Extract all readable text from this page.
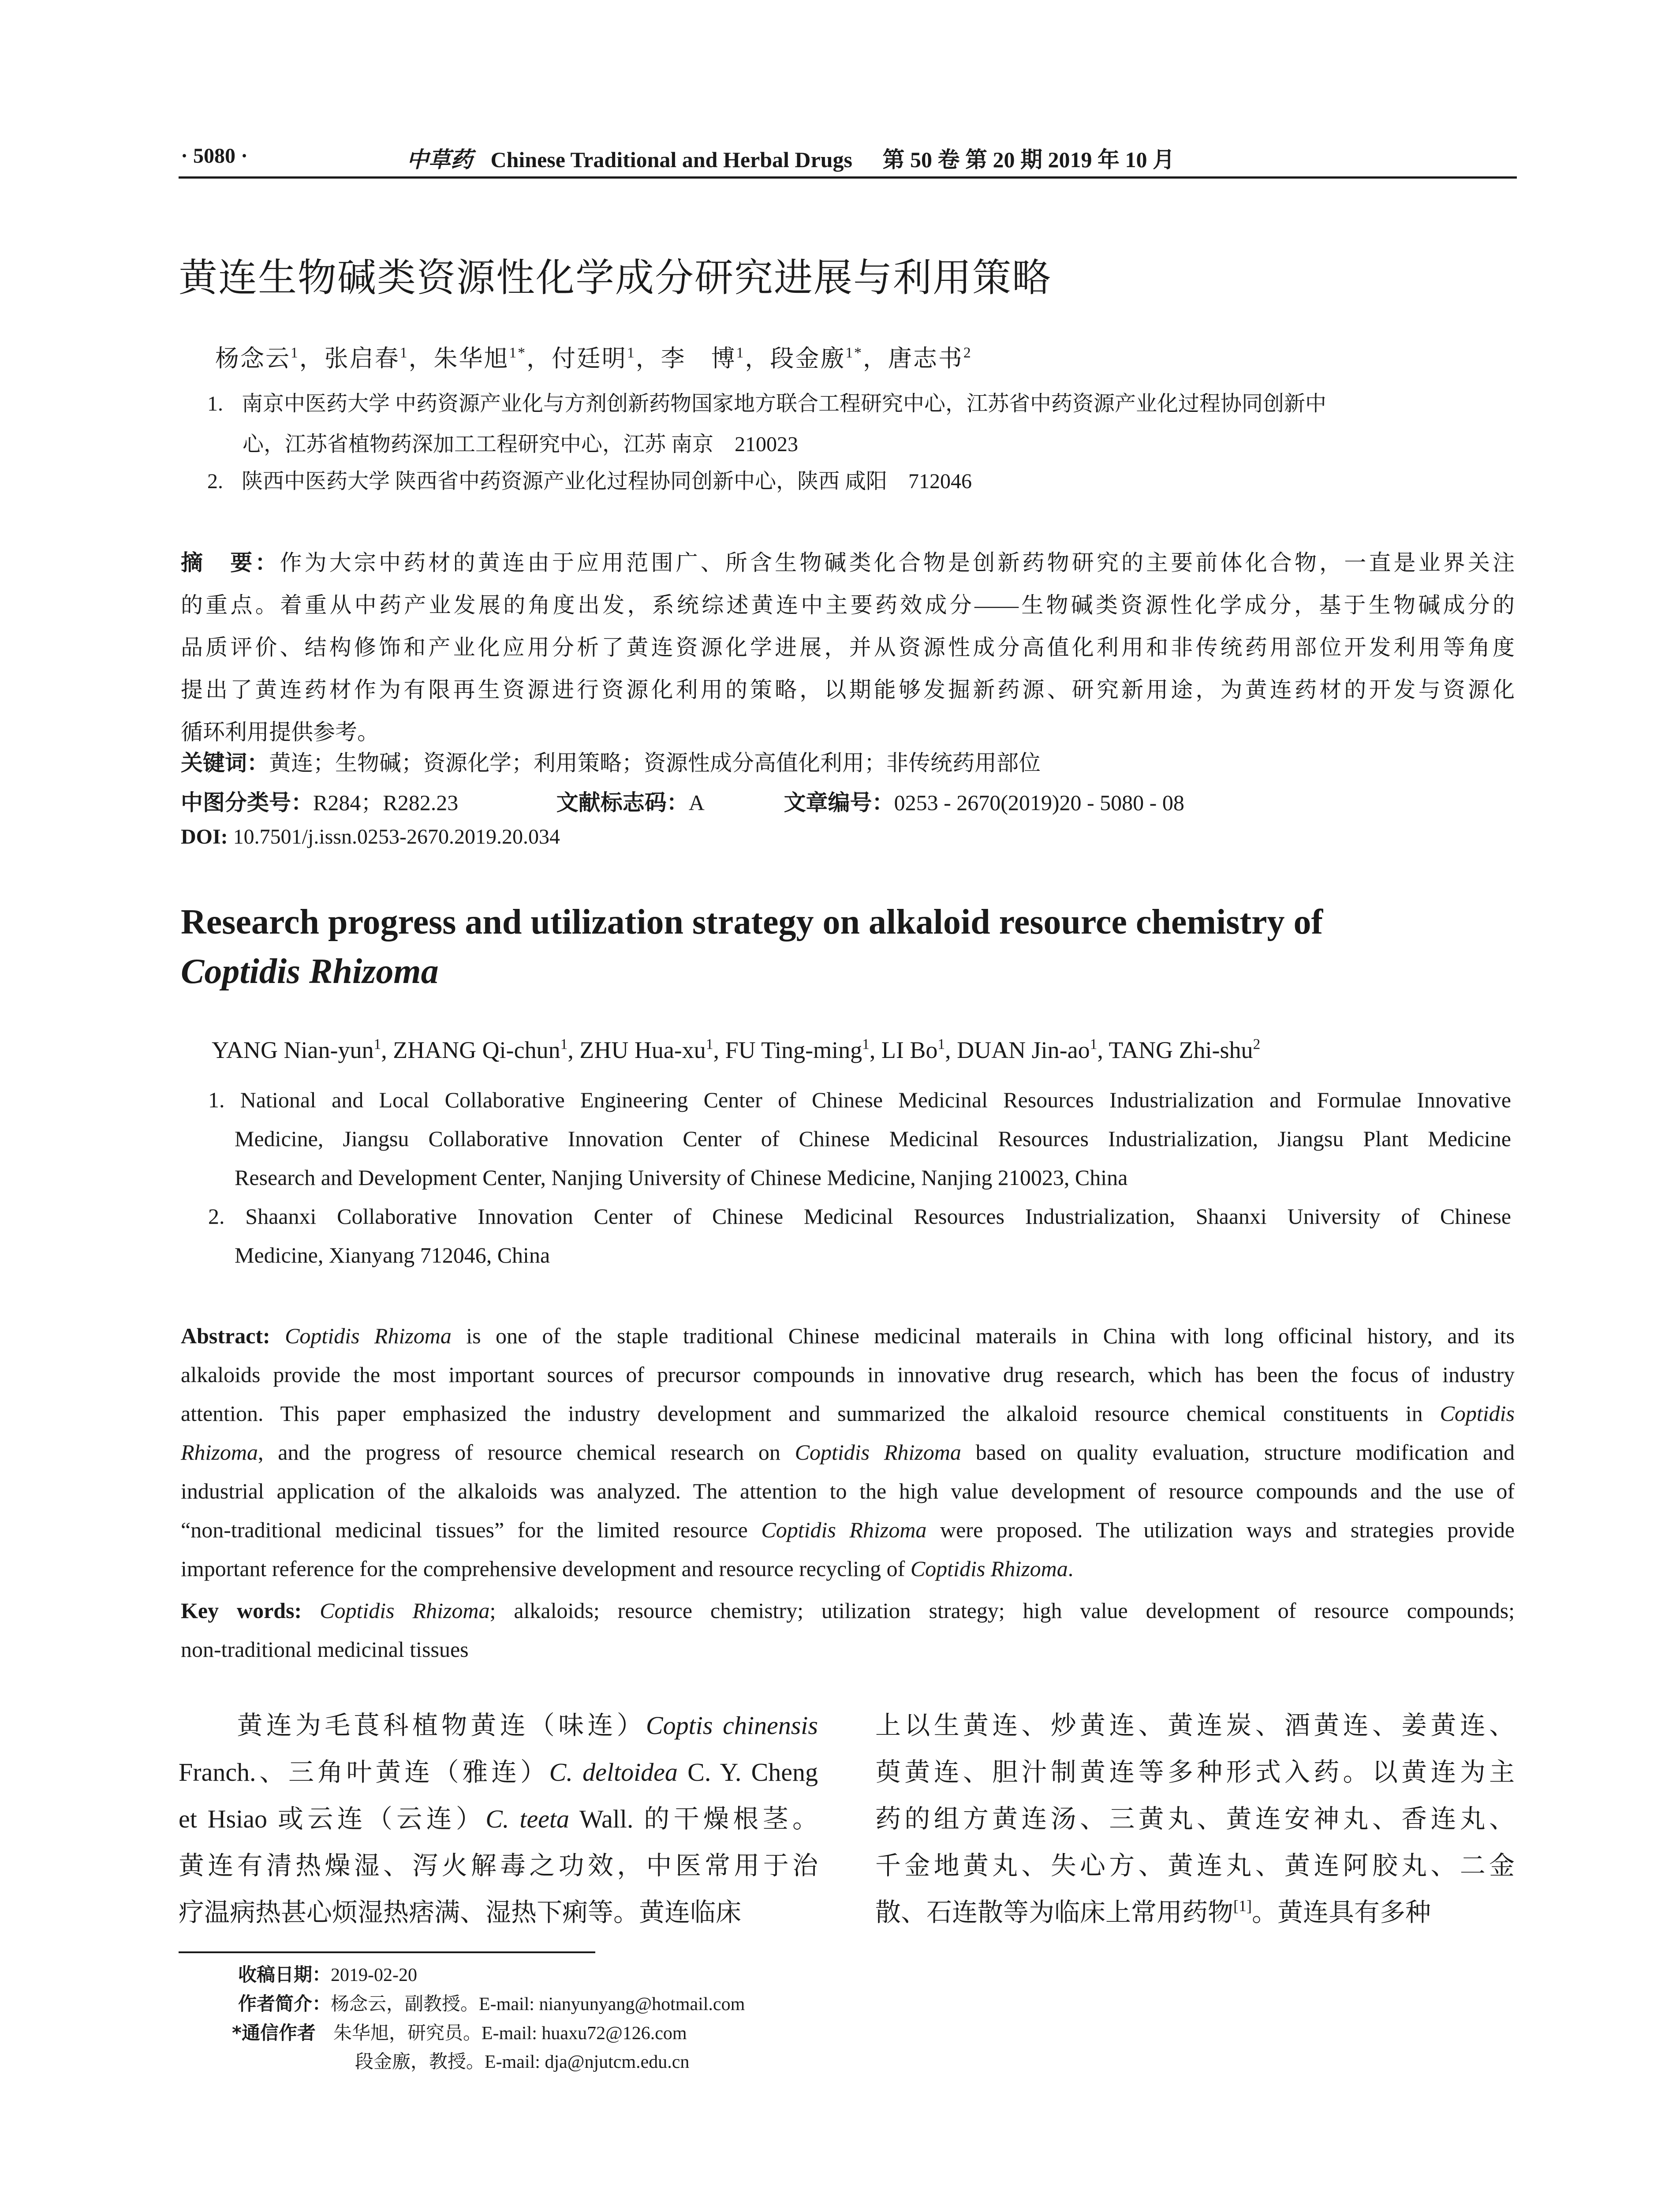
· 5080 ·	中草药 Chinese Traditional and Herbal Drugs 第 50 卷 第 20 期 2019 年 10 月
黄连生物碱类资源性化学成分研究进展与利用策略
杨念云$^1$，张启春$^1$，朱华旭$^{1*}$，付廷明$^1$，李　博$^1$，段金廒$^{1*}$，唐志书$^2$
1. 南京中医药大学 中药资源产业化与方剂创新药物国家地方联合工程研究中心，江苏省中药资源产业化过程协同创新中
心，江苏省植物药深加工工程研究中心，江苏 南京　210023
2. 陕西中医药大学 陕西省中药资源产业化过程协同创新中心，陕西 咸阳　712046
摘　要：作为大宗中药材的黄连由于应用范围广、所含生物碱类化合物是创新药物研究的主要前体化合物，一直是业界关注
的重点。着重从中药产业发展的角度出发，系统综述黄连中主要药效成分——生物碱类资源性化学成分，基于生物碱成分的
品质评价、结构修饰和产业化应用分析了黄连资源化学进展，并从资源性成分高值化利用和非传统药用部位开发利用等角度
提出了黄连药材作为有限再生资源进行资源化利用的策略，以期能够发掘新药源、研究新用途，为黄连药材的开发与资源化
循环利用提供参考。
关键词：黄连；生物碱；资源化学；利用策略；资源性成分高值化利用；非传统药用部位
中图分类号：R284；R282.23	文献标志码：A	文章编号：0253 - 2670(2019)20 - 5080 - 08
DOI: 10.7501/j.issn.0253-2670.2019.20.034
Research progress and utilization strategy on alkaloid resource chemistry of
Coptidis Rhizoma
YANG Nian-yun$^1$, ZHANG Qi-chun$^1$, ZHU Hua-$xu^1$, FU Ting-ming$^1$, LI Bo$^1$, DUAN Jin-$ao^1$, TANG Zhi-shu$^2$
1. National and Local Collaborative Engineering Center of Chinese Medicinal Resources Industrialization and Formulae Innovative
Medicine, Jiangsu Collaborative Innovation Center of Chinese Medicinal Resources Industrialization, Jiangsu Plant Medicine
Research and Development Center, Nanjing University of Chinese Medicine, Nanjing 210023, China
2. Shaanxi Collaborative Innovation Center of Chinese Medicinal Resources Industrialization, Shaanxi University of Chinese
Medicine, Xianyang 712046, China
Abstract: Coptidis Rhizoma is one of the staple traditional Chinese medicinal materails in China with long officinal history, and its
alkaloids provide the most important sources of precursor compounds in innovative drug research, which has been the focus of industry
attention. This paper emphasized the industry development and summarized the alkaloid resource chemical constituents in Coptidis
Rhizoma, and the progress of resource chemical research on Coptidis Rhizoma based on quality evaluation, structure modification and
industrial application of the alkaloids was analyzed. The attention to the high value development of resource compounds and the use of
“non-traditional medicinal tissues” for the limited resource Coptidis Rhizoma were proposed. The utilization ways and strategies provide
important reference for the comprehensive development and resource recycling of Coptidis Rhizoma.
Key words: Coptidis Rhizoma; alkaloids; resource chemistry; utilization strategy; high value development of resource compounds;
non-traditional medicinal tissues
　　黄连为毛茛科植物黄连（味连）Coptis chinensis
Franch.、三角叶黄连（雅连）C. deltoidea C. Y. Cheng
et Hsiao 或云连（云连）C. teeta Wall. 的干燥根茎。
黄连有清热燥湿、泻火解毒之功效，中医常用于治
疗温病热甚心烦湿热痞满、湿热下痢等。黄连临床
上以生黄连、炒黄连、黄连炭、酒黄连、姜黄连、
萸黄连、胆汁制黄连等多种形式入药。以黄连为主
药的组方黄连汤、三黄丸、黄连安神丸、香连丸、
千金地黄丸、失心方、黄连丸、黄连阿胶丸、二金
散、石连散等为临床上常用药物[1]。黄连具有多种
收稿日期：2019-02-20
作者简介：杨念云，副教授。E-mail: nianyunyang@hotmail.com
*通信作者 朱华旭，研究员。E-mail: huaxu72@126.com
段金廒，教授。E-mail: dja@njutcm.edu.cn
